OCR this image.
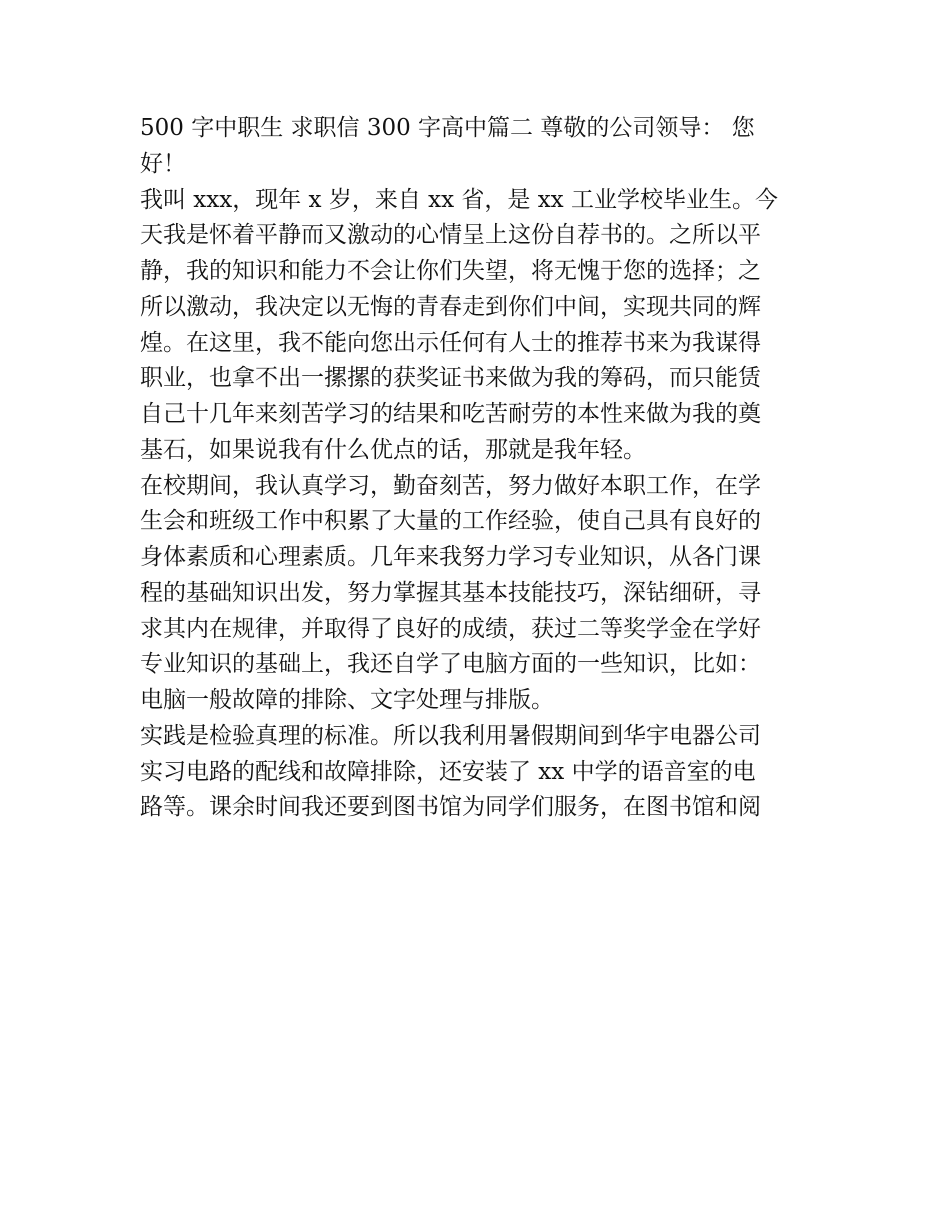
500 字中职生 求职信 300 字高中篇二 尊敬的公司领导： 您
好！
我叫 xxx，现年 x 岁，来自 xx 省，是 xx 工业学校毕业生。今
天我是怀着平静而又激动的心情呈上这份自荐书的。之所以平
静，我的知识和能力不会让你们失望，将无愧于您的选择；之
所以激动，我决定以无悔的青春走到你们中间，实现共同的辉
煌。在这里，我不能向您出示任何有人士的推荐书来为我谋得
职业，也拿不出一摞摞的获奖证书来做为我的筹码，而只能赁
自己十几年来刻苦学习的结果和吃苦耐劳的本性来做为我的奠
基石，如果说我有什么优点的话，那就是我年轻。
在校期间，我认真学习，勤奋刻苦，努力做好本职工作，在学
生会和班级工作中积累了大量的工作经验，使自己具有良好的
身体素质和心理素质。几年来我努力学习专业知识，从各门课
程的基础知识出发，努力掌握其基本技能技巧，深钻细研，寻
求其内在规律，并取得了良好的成绩，获过二等奖学金在学好
专业知识的基础上，我还自学了电脑方面的一些知识，比如：
电脑一般故障的排除、文字处理与排版。
实践是检验真理的标准。所以我利用暑假期间到华宇电器公司
实习电路的配线和故障排除，还安装了 xx 中学的语音室的电
路等。课余时间我还要到图书馆为同学们服务，在图书馆和阅
